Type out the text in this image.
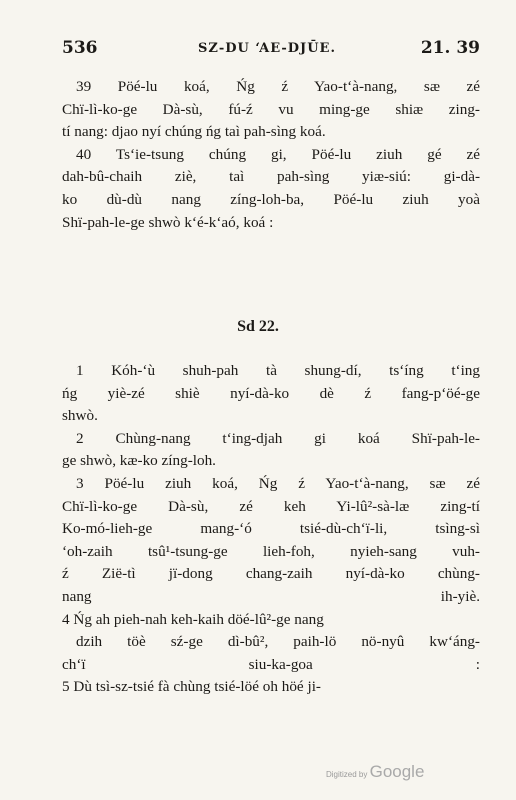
536	SZ-DU ‘AE-DJŪE.	21. 39
39 Pöé-lu koá, Ńg ź Yao-t‘à-nang, sæ zé
Chï-lì-ko-ge Dà-sù, fú-ź vu ming-ge shiæ zing-
tí nang: djao nyí chúng ńg taì pah-sìng koá.
40 Ts‘ie-tsung chúng gi, Pöé-lu ziuh gé zé
dah-bû-chaih ziè, taì pah-sìng yiæ-siú: gi-dà-
ko dù-dù nang zíng-loh-ba, Pöé-lu ziuh yoà
Shï-pah-le-ge shwò k‘é-k‘aó, koá :
Sd 22.
1 Kóh-‘ù shuh-pah tà shung-dí, ts‘íng t‘ing
ńg yiè-zé shiè nyí-dà-ko dè ź fang-p‘öé-ge
shwò.
2 Chùng-nang t‘ing-djah gi koá Shï-pah-le-
ge shwò, kæ-ko zíng-loh.
3 Pöé-lu ziuh koá, Ńg ź Yao-t‘à-nang, sæ zé
Chï-lì-ko-ge Dà-sù, zé keh Yi-lû²-sà-læ zing-tí
Ko-mó-lieh-ge mang-‘ó tsié-dù-ch‘ï-li, tsìng-sì
‘oh-zaih tsû¹-tsung-ge lieh-foh, nyieh-sang vuh-
ź Zië-tì jï-dong chang-zaih nyí-dà-ko chùng-
nang ih-yiè.
4 Ńg ah pieh-nah keh-kaih döé-lû²-ge nang
dzih töè sź-ge dì-bû², paih-lö nö-nyû kw‘áng-
ch‘ï siu-ka-goa :
5 Dù tsì-sz-tsié fà chùng tsié-löé oh höé ji-
Digitized by Google
